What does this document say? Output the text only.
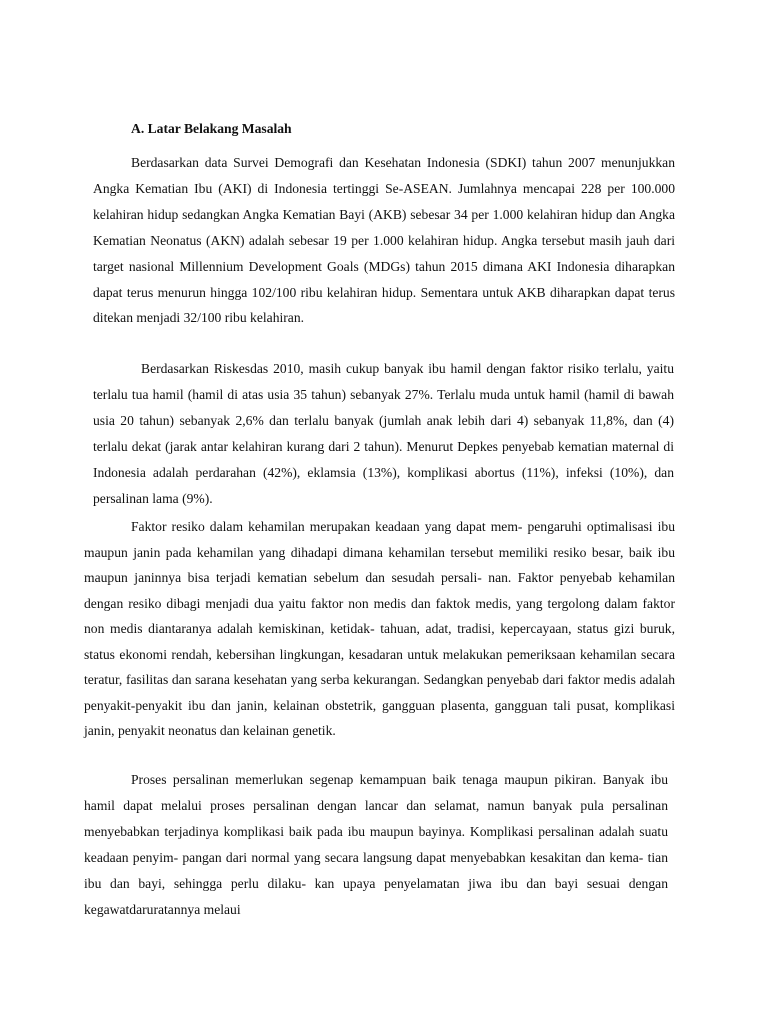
A. Latar Belakang Masalah

Berdasarkan data Survei Demografi dan Kesehatan Indonesia (SDKI) tahun 2007 menunjukkan Angka Kematian Ibu (AKI) di Indonesia tertinggi Se-ASEAN. Jumlahnya mencapai 228 per 100.000 kelahiran hidup sedangkan Angka Kematian Bayi (AKB) sebesar 34 per 1.000 kelahiran hidup dan Angka Kematian Neonatus (AKN) adalah sebesar 19 per 1.000 kelahiran hidup. Angka tersebut masih jauh dari target nasional Millennium Development Goals (MDGs) tahun 2015 dimana AKI Indonesia diharapkan dapat terus menurun hingga 102/100 ribu kelahiran hidup. Sementara untuk AKB diharapkan dapat terus ditekan menjadi 32/100 ribu kelahiran.

Berdasarkan Riskesdas 2010, masih cukup banyak ibu hamil dengan faktor risiko terlalu, yaitu terlalu tua hamil (hamil di atas usia 35 tahun) sebanyak 27%. Terlalu muda untuk hamil (hamil di bawah usia 20 tahun) sebanyak 2,6% dan terlalu banyak (jumlah anak lebih dari 4) sebanyak 11,8%, dan (4) terlalu dekat (jarak antar kelahiran kurang dari 2 tahun). Menurut Depkes penyebab kematian maternal di Indonesia adalah perdarahan (42%), eklamsia (13%), komplikasi abortus (11%), infeksi (10%), dan persalinan lama (9%).

Faktor resiko dalam kehamilan merupakan keadaan yang dapat mem- pengaruhi optimalisasi ibu maupun janin pada kehamilan yang dihadapi dimana kehamilan tersebut memiliki resiko besar, baik ibu maupun janinnya bisa terjadi kematian sebelum dan sesudah persali- nan. Faktor penyebab kehamilan dengan resiko dibagi menjadi dua yaitu faktor non medis dan faktok medis, yang tergolong dalam faktor non medis diantaranya adalah kemiskinan, ketidak- tahuan, adat, tradisi, kepercayaan, status gizi buruk, status ekonomi rendah, kebersihan lingkungan, kesadaran untuk melakukan pemeriksaan kehamilan secara teratur, fasilitas dan sarana kesehatan yang serba kekurangan. Sedangkan penyebab dari faktor medis adalah penyakit-penyakit ibu dan janin, kelainan obstetrik, gangguan plasenta, gangguan tali pusat, komplikasi janin, penyakit neonatus dan kelainan genetik.

Proses persalinan memerlukan segenap kemampuan baik tenaga maupun pikiran. Banyak ibu hamil dapat melalui proses persalinan dengan lancar dan selamat, namun banyak pula persalinan menyebabkan terjadinya komplikasi baik pada ibu maupun bayinya. Komplikasi persalinan adalah suatu keadaan penyim- pangan dari normal yang secara langsung dapat menyebabkan kesakitan dan kema- tian ibu dan bayi, sehingga perlu dilaku- kan upaya penyelamatan jiwa ibu dan bayi sesuai dengan kegawatdaruratannya melaui
